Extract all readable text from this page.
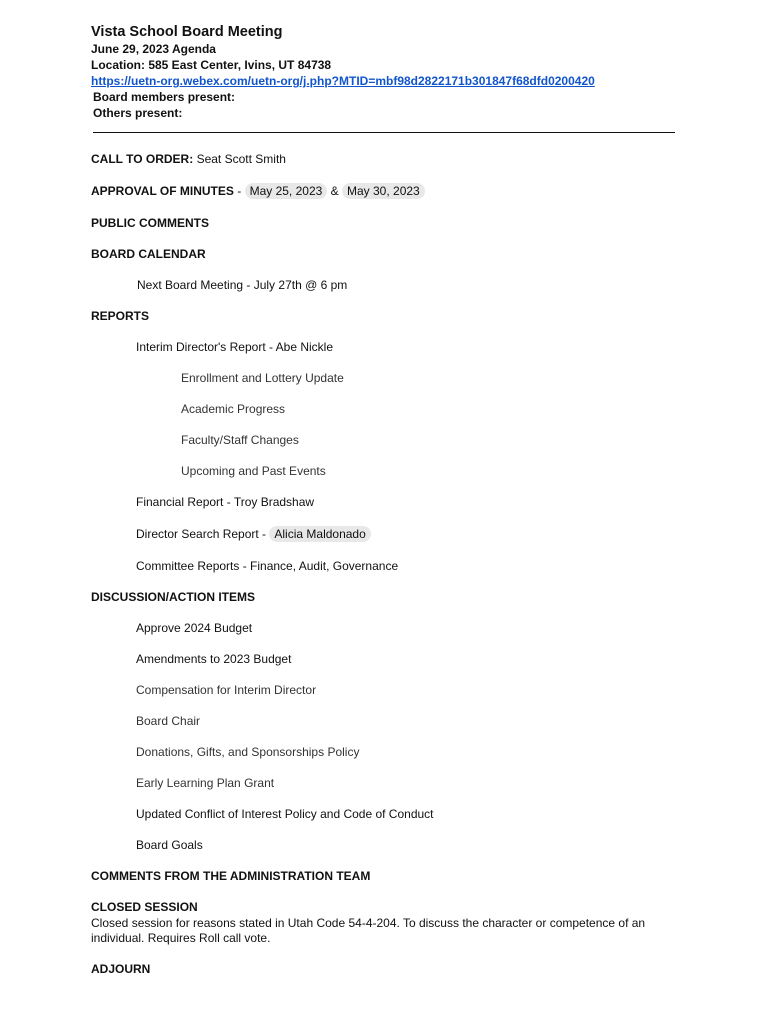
Vista School Board Meeting
June 29, 2023 Agenda
Location: 585 East Center, Ivins, UT 84738
https://uetn-org.webex.com/uetn-org/j.php?MTID=mbf98d2822171b301847f68dfd0200420
Board members present:
Others present:
CALL TO ORDER: Seat Scott Smith
APPROVAL OF MINUTES - May 25, 2023 & May 30, 2023
PUBLIC COMMENTS
BOARD CALENDAR
Next Board Meeting - July 27th @ 6 pm
REPORTS
Interim Director's Report - Abe Nickle
Enrollment and Lottery Update
Academic Progress
Faculty/Staff Changes
Upcoming and Past Events
Financial Report - Troy Bradshaw
Director Search Report - Alicia Maldonado
Committee Reports - Finance, Audit, Governance
DISCUSSION/ACTION ITEMS
Approve 2024 Budget
Amendments to 2023 Budget
Compensation for Interim Director
Board Chair
Donations, Gifts, and Sponsorships Policy
Early Learning Plan Grant
Updated Conflict of Interest Policy and Code of Conduct
Board Goals
COMMENTS FROM THE ADMINISTRATION TEAM
CLOSED SESSION
Closed session for reasons stated in Utah Code 54-4-204. To discuss the character or competence of an individual. Requires Roll call vote.
ADJOURN
